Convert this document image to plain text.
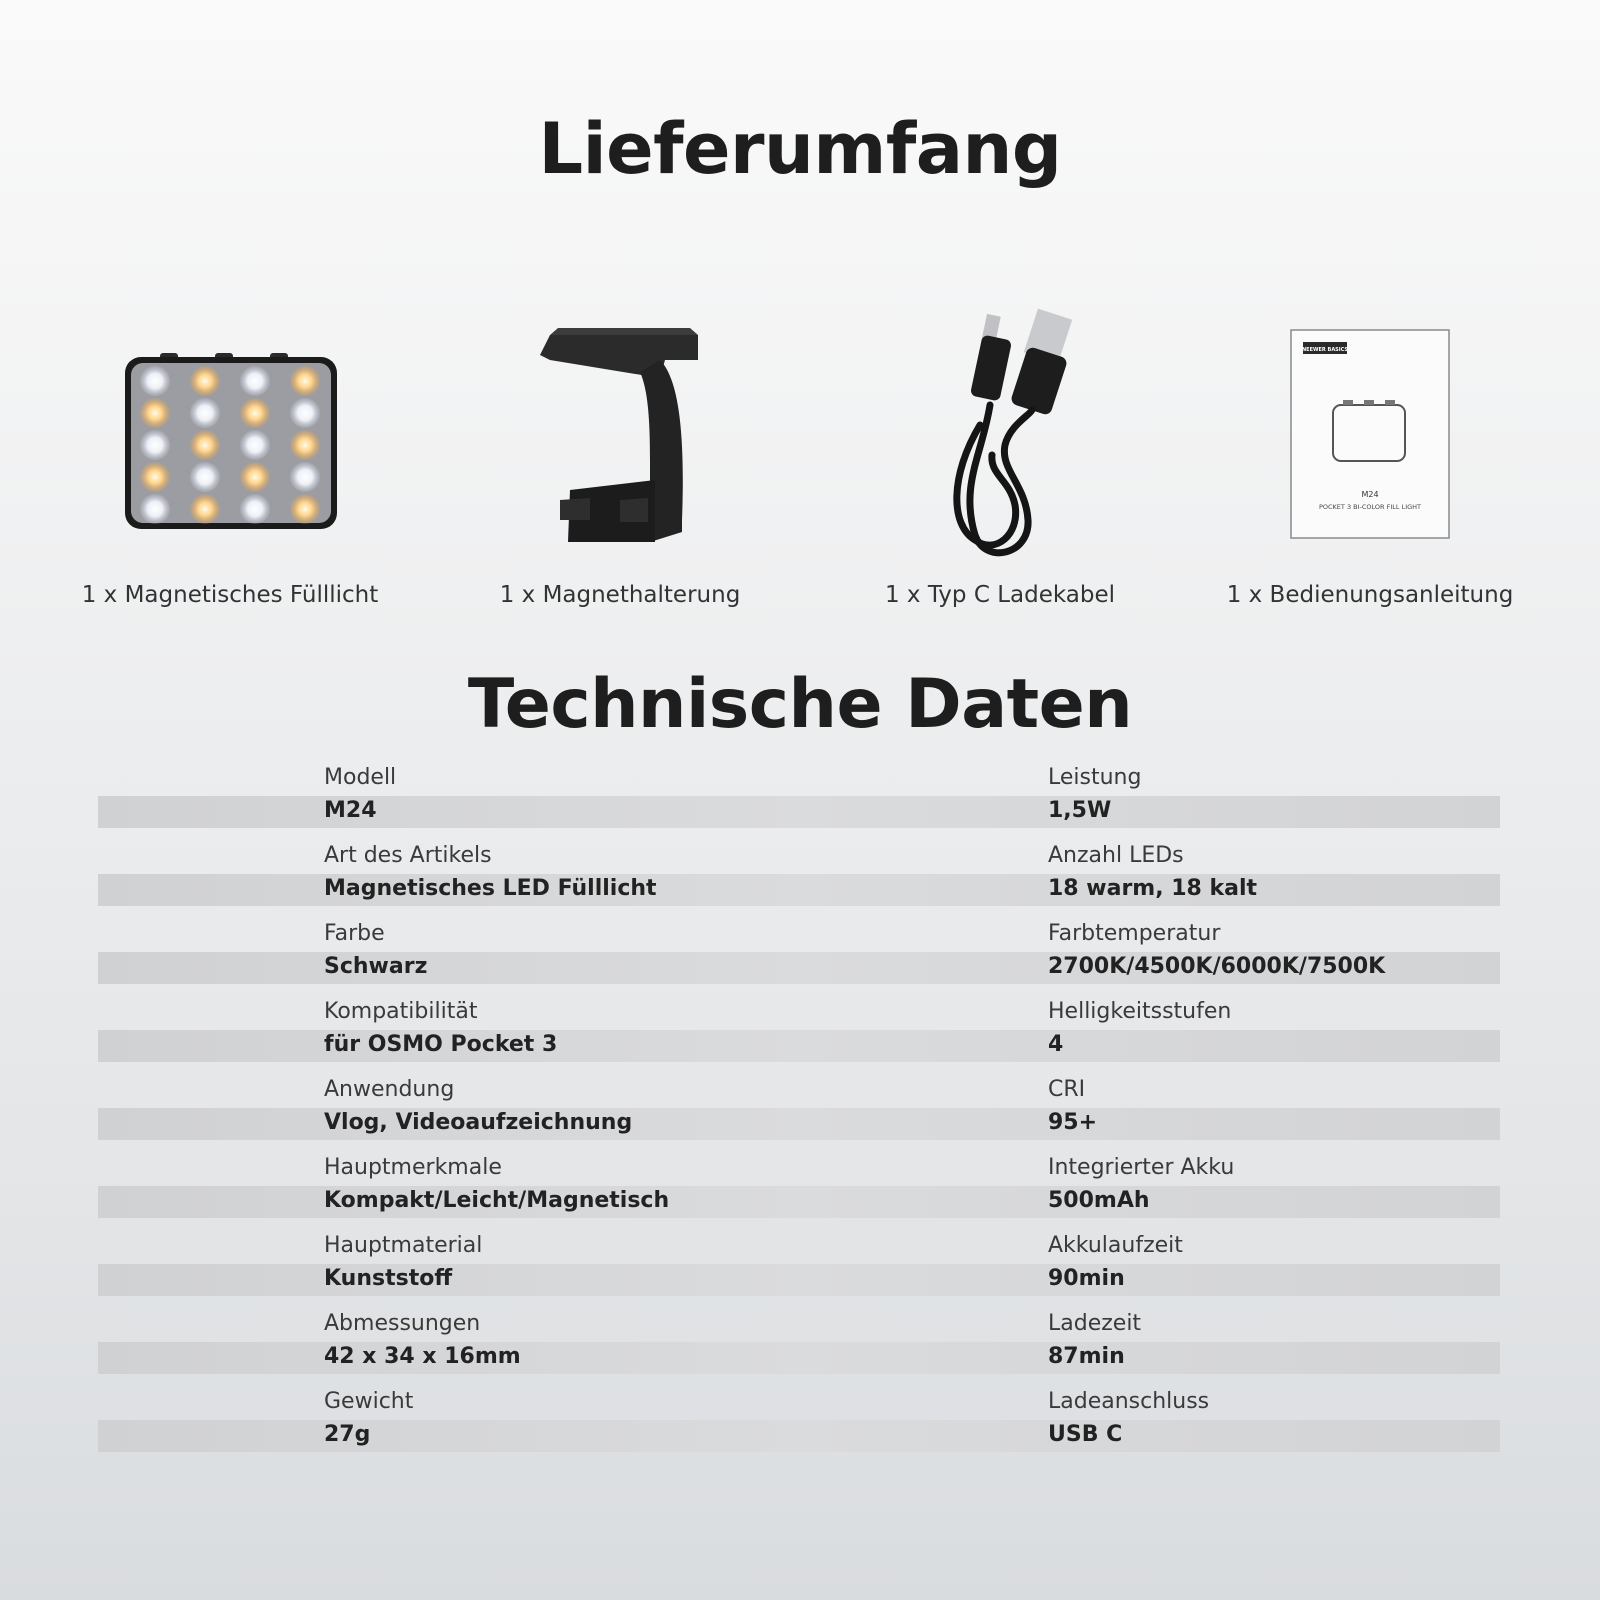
Lieferumfang
1 x Magnetisches Fülllicht	1 x Magnethalterung	1 x Typ C Ladekabel
NEEWER BASICS
M24
POCKET 3 BI-COLOR FILL LIGHT
1 x Bedienungsanleitung
Technische Daten
Modell	Leistung
M24	1,5W
Art des Artikels	Anzahl LEDs
Magnetisches LED Fülllicht	18 warm, 18 kalt
Farbe	Farbtemperatur
Schwarz	2700K/4500K/6000K/7500K
Kompatibilität	Helligkeitsstufen
für OSMO Pocket 3	4
Anwendung	CRI
Vlog, Videoaufzeichnung	95+
Hauptmerkmale	Integrierter Akku
Kompakt/Leicht/Magnetisch	500mAh
Hauptmaterial	Akkulaufzeit
Kunststoff	90min
Abmessungen	Ladezeit
42 x 34 x 16mm	87min
Gewicht	Ladeanschluss
27g	USB C
